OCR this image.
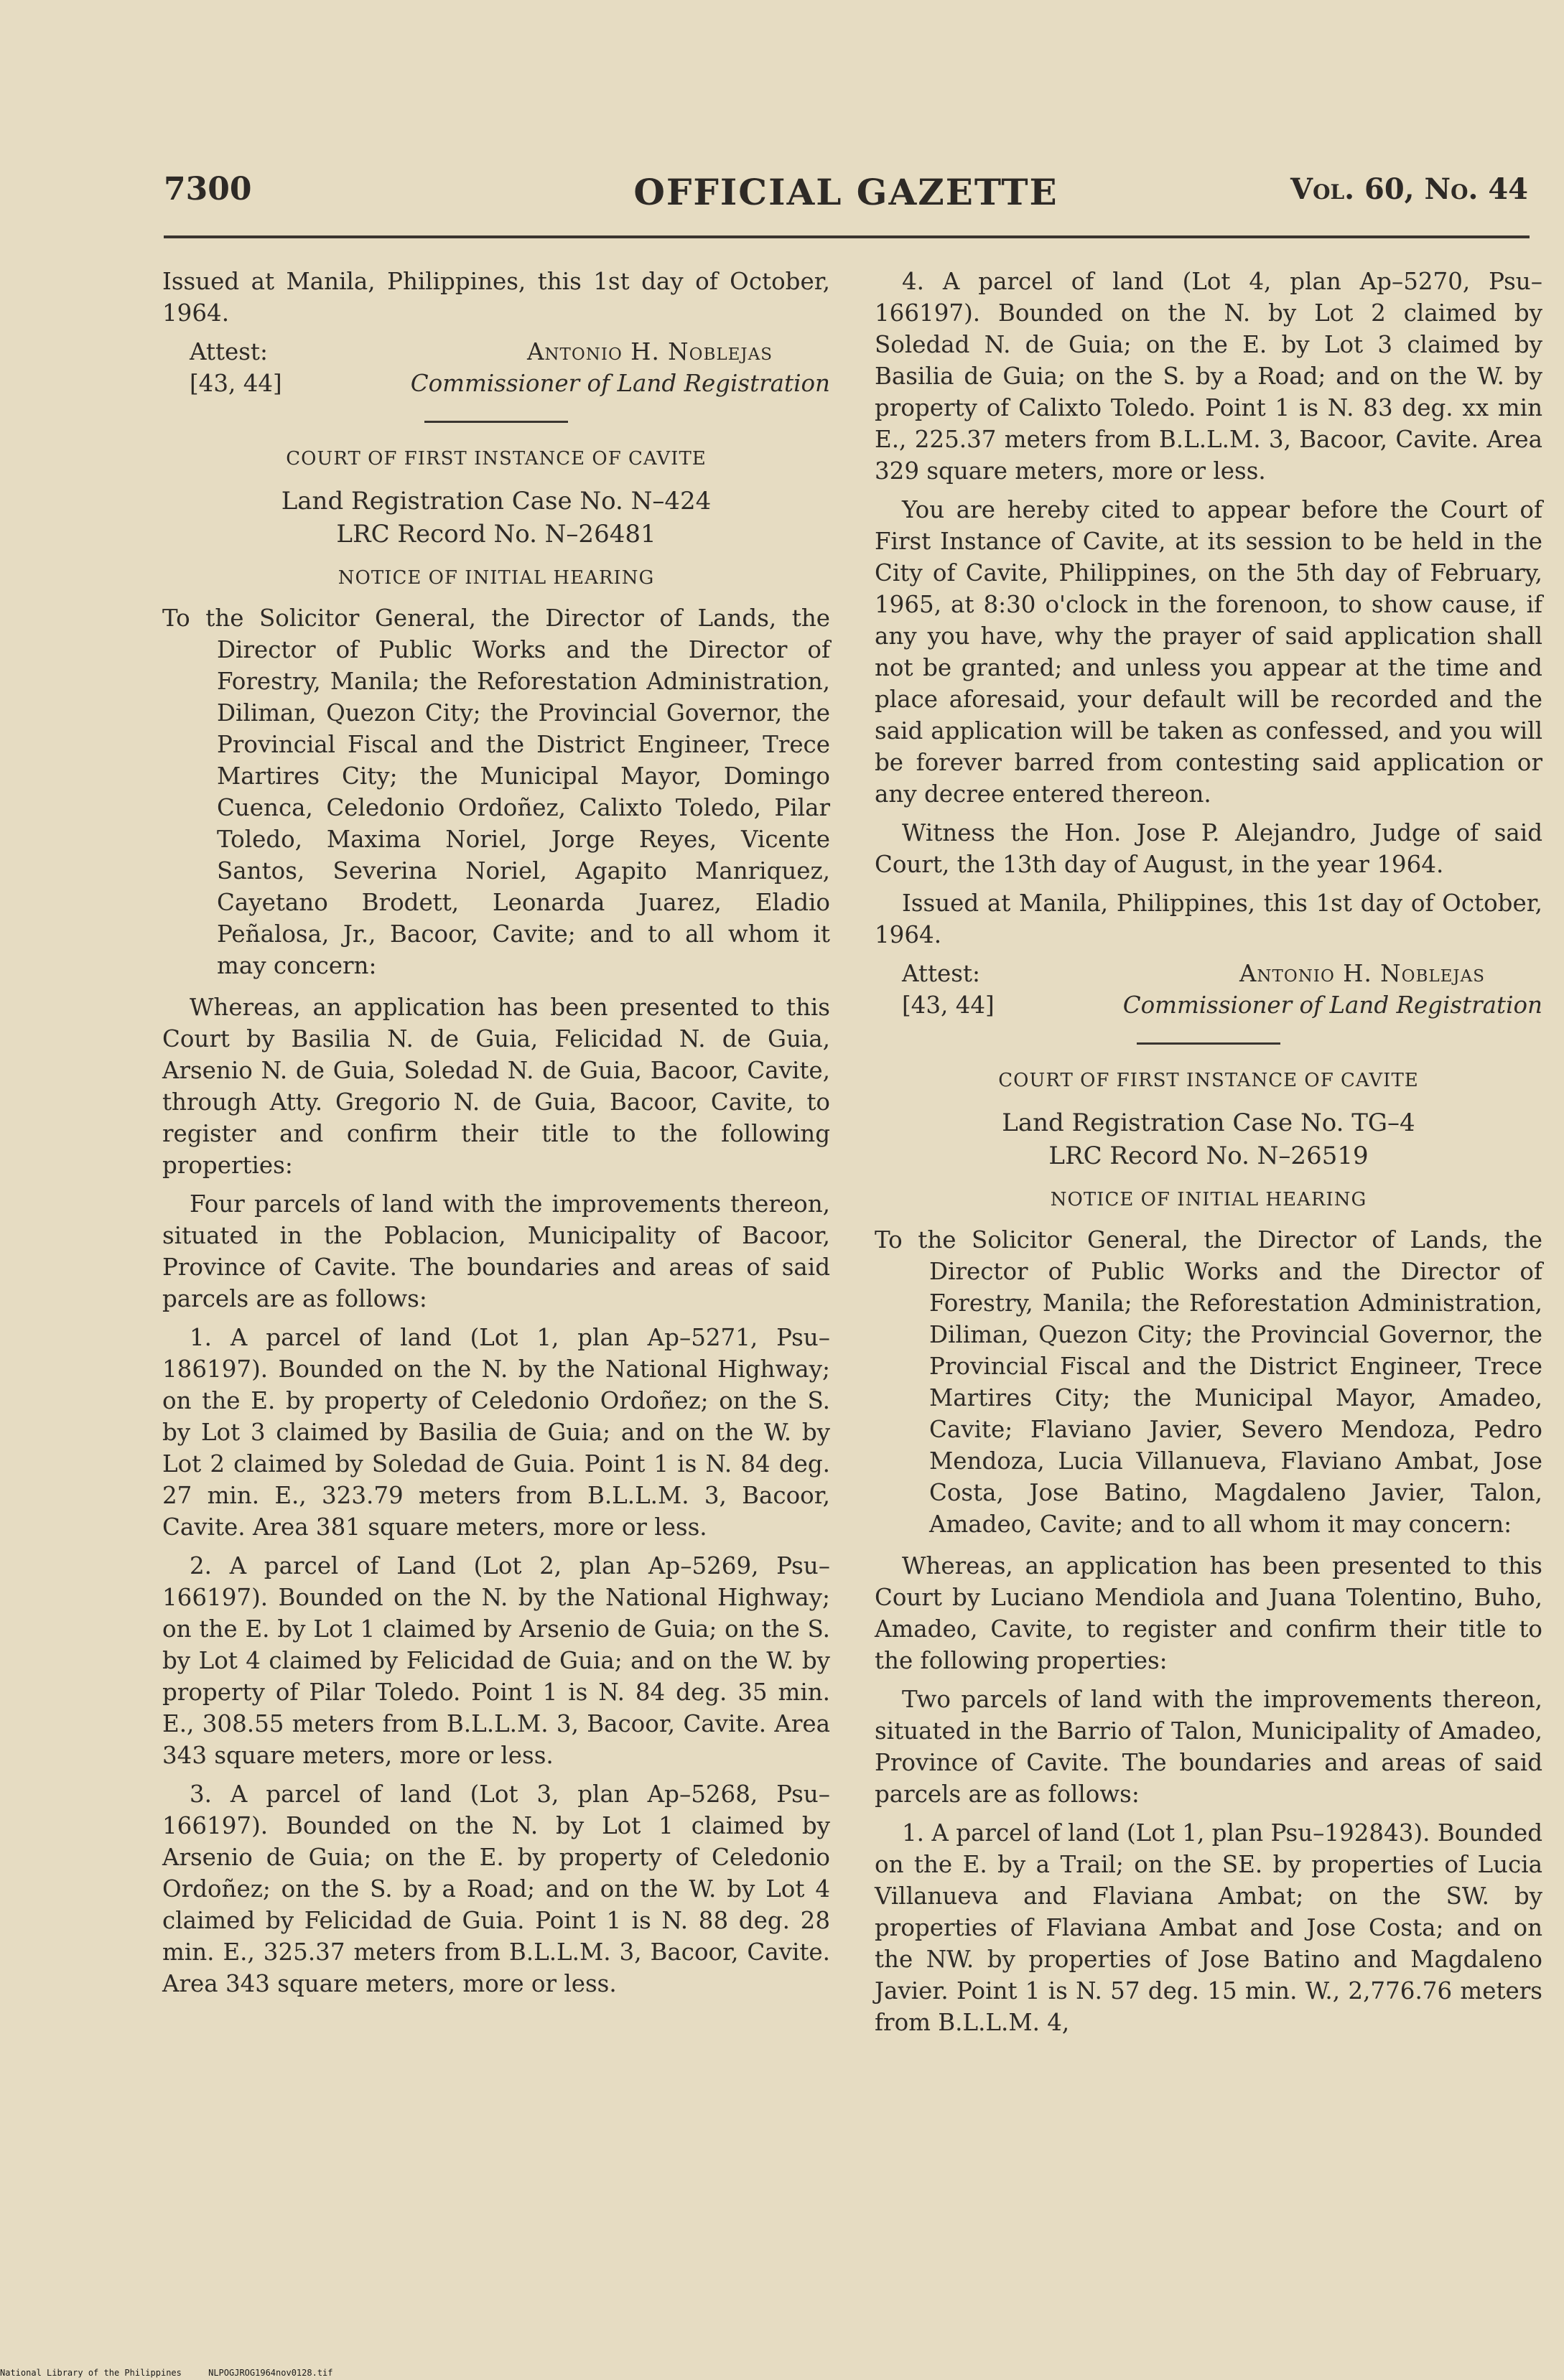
7300	OFFICIAL GAZETTE	Vol. 60, No. 44

Issued at Manila, Philippines, this 1st day of October, 1964.

Attest:	Antonio H. Noblejas
[43, 44]	Commissioner of Land Registration
COURT OF FIRST INSTANCE OF CAVITE
Land Registration Case No. N–424
LRC Record No. N–26481
NOTICE OF INITIAL HEARING

To the Solicitor General, the Director of Lands, the Director of Public Works and the Director of Forestry, Manila; the Reforestation Administration, Diliman, Quezon City; the Provincial Governor, the Provincial Fiscal and the District Engineer, Trece Martires City; the Municipal Mayor, Domingo Cuenca, Celedonio Ordoñez, Calixto Toledo, Pilar Toledo, Maxima Noriel, Jorge Reyes, Vicente Santos, Severina Noriel, Agapito Manriquez, Cayetano Brodett, Leonarda Juarez, Eladio Peñalosa, Jr., Bacoor, Cavite; and to all whom it may concern:

Whereas, an application has been presented to this Court by Basilia N. de Guia, Felicidad N. de Guia, Arsenio N. de Guia, Soledad N. de Guia, Bacoor, Cavite, through Atty. Gregorio N. de Guia, Bacoor, Cavite, to register and confirm their title to the following properties:

Four parcels of land with the improvements thereon, situated in the Poblacion, Municipality of Bacoor, Province of Cavite. The boundaries and areas of said parcels are as follows:

1. A parcel of land (Lot 1, plan Ap–5271, Psu–186197). Bounded on the N. by the National Highway; on the E. by property of Celedonio Ordoñez; on the S. by Lot 3 claimed by Basilia de Guia; and on the W. by Lot 2 claimed by Soledad de Guia. Point 1 is N. 84 deg. 27 min. E., 323.79 meters from B.L.L.M. 3, Bacoor, Cavite. Area 381 square meters, more or less.

2. A parcel of Land (Lot 2, plan Ap–5269, Psu–166197). Bounded on the N. by the National Highway; on the E. by Lot 1 claimed by Arsenio de Guia; on the S. by Lot 4 claimed by Felicidad de Guia; and on the W. by property of Pilar Toledo. Point 1 is N. 84 deg. 35 min. E., 308.55 meters from B.L.L.M. 3, Bacoor, Cavite. Area 343 square meters, more or less.

3. A parcel of land (Lot 3, plan Ap–5268, Psu–166197). Bounded on the N. by Lot 1 claimed by Arsenio de Guia; on the E. by property of Celedonio Ordoñez; on the S. by a Road; and on the W. by Lot 4 claimed by Felicidad de Guia. Point 1 is N. 88 deg. 28 min. E., 325.37 meters from B.L.L.M. 3, Bacoor, Cavite. Area 343 square meters, more or less.

4. A parcel of land (Lot 4, plan Ap–5270, Psu–166197). Bounded on the N. by Lot 2 claimed by Soledad N. de Guia; on the E. by Lot 3 claimed by Basilia de Guia; on the S. by a Road; and on the W. by property of Calixto Toledo. Point 1 is N. 83 deg. xx min E., 225.37 meters from B.L.L.M. 3, Bacoor, Cavite. Area 329 square meters, more or less.

You are hereby cited to appear before the Court of First Instance of Cavite, at its session to be held in the City of Cavite, Philippines, on the 5th day of February, 1965, at 8:30 o'clock in the forenoon, to show cause, if any you have, why the prayer of said application shall not be granted; and unless you appear at the time and place aforesaid, your default will be recorded and the said application will be taken as confessed, and you will be forever barred from contesting said application or any decree entered thereon.

Witness the Hon. Jose P. Alejandro, Judge of said Court, the 13th day of August, in the year 1964.

Issued at Manila, Philippines, this 1st day of October, 1964.

Attest:	Antonio H. Noblejas
[43, 44]	Commissioner of Land Registration
COURT OF FIRST INSTANCE OF CAVITE
Land Registration Case No. TG–4
LRC Record No. N–26519
NOTICE OF INITIAL HEARING

To the Solicitor General, the Director of Lands, the Director of Public Works and the Director of Forestry, Manila; the Reforestation Administration, Diliman, Quezon City; the Provincial Governor, the Provincial Fiscal and the District Engineer, Trece Martires City; the Municipal Mayor, Amadeo, Cavite; Flaviano Javier, Severo Mendoza, Pedro Mendoza, Lucia Villanueva, Flaviano Ambat, Jose Costa, Jose Batino, Magdaleno Javier, Talon, Amadeo, Cavite; and to all whom it may concern:

Whereas, an application has been presented to this Court by Luciano Mendiola and Juana Tolentino, Buho, Amadeo, Cavite, to register and confirm their title to the following properties:

Two parcels of land with the improvements thereon, situated in the Barrio of Talon, Municipality of Amadeo, Province of Cavite. The boundaries and areas of said parcels are as follows:

1. A parcel of land (Lot 1, plan Psu–192843). Bounded on the E. by a Trail; on the SE. by properties of Lucia Villanueva and Flaviana Ambat; on the SW. by properties of Flaviana Ambat and Jose Costa; and on the NW. by properties of Jose Batino and Magdaleno Javier. Point 1 is N. 57 deg. 15 min. W., 2,776.76 meters from B.L.L.M. 4,

National Library of the Philippines	NLPOGJROG1964nov0128.tif
